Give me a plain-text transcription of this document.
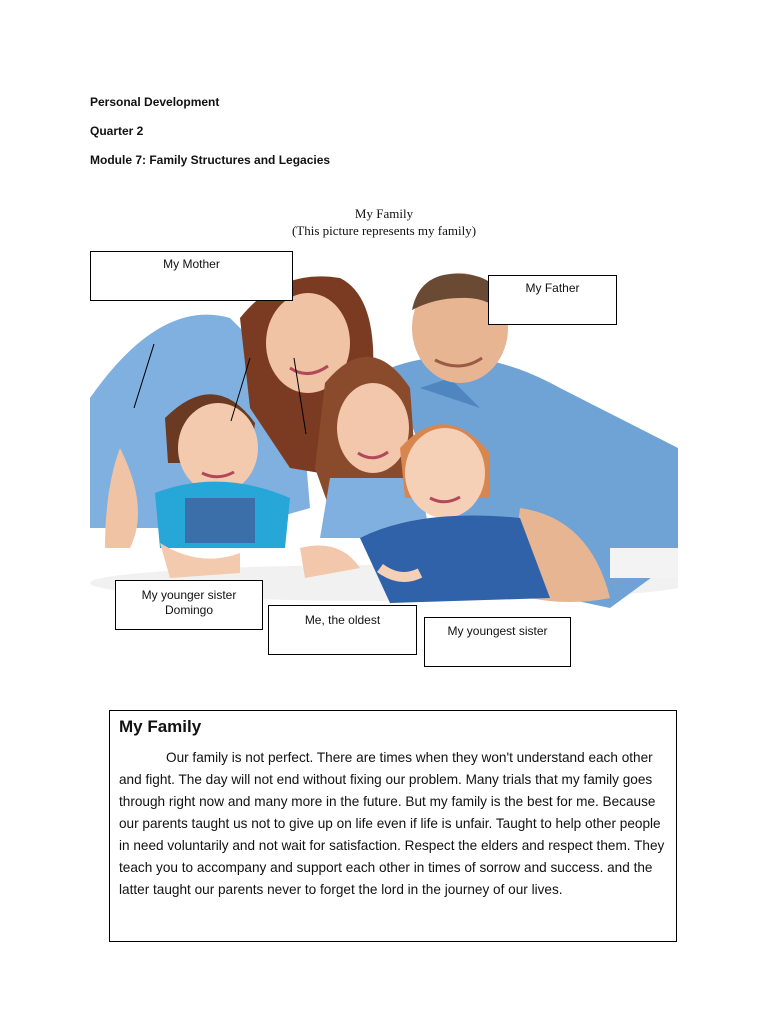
Personal Development
Quarter 2
Module 7: Family Structures and Legacies
My Family
(This picture represents my family)
My Mother
My Father
My younger sister
Domingo
Me, the oldest
My youngest sister
My Family

Our family is not perfect. There are times when they won't understand each other and fight. The day will not end without fixing our problem. Many trials that my family goes through right now and many more in the future. But my family is the best for me. Because our parents taught us not to give up on life even if life is unfair. Taught to help other people in need voluntarily and not wait for satisfaction. Respect the elders and respect them. They teach you to accompany and support each other in times of sorrow and success. and the latter taught our parents never to forget the lord in the journey of our lives.
